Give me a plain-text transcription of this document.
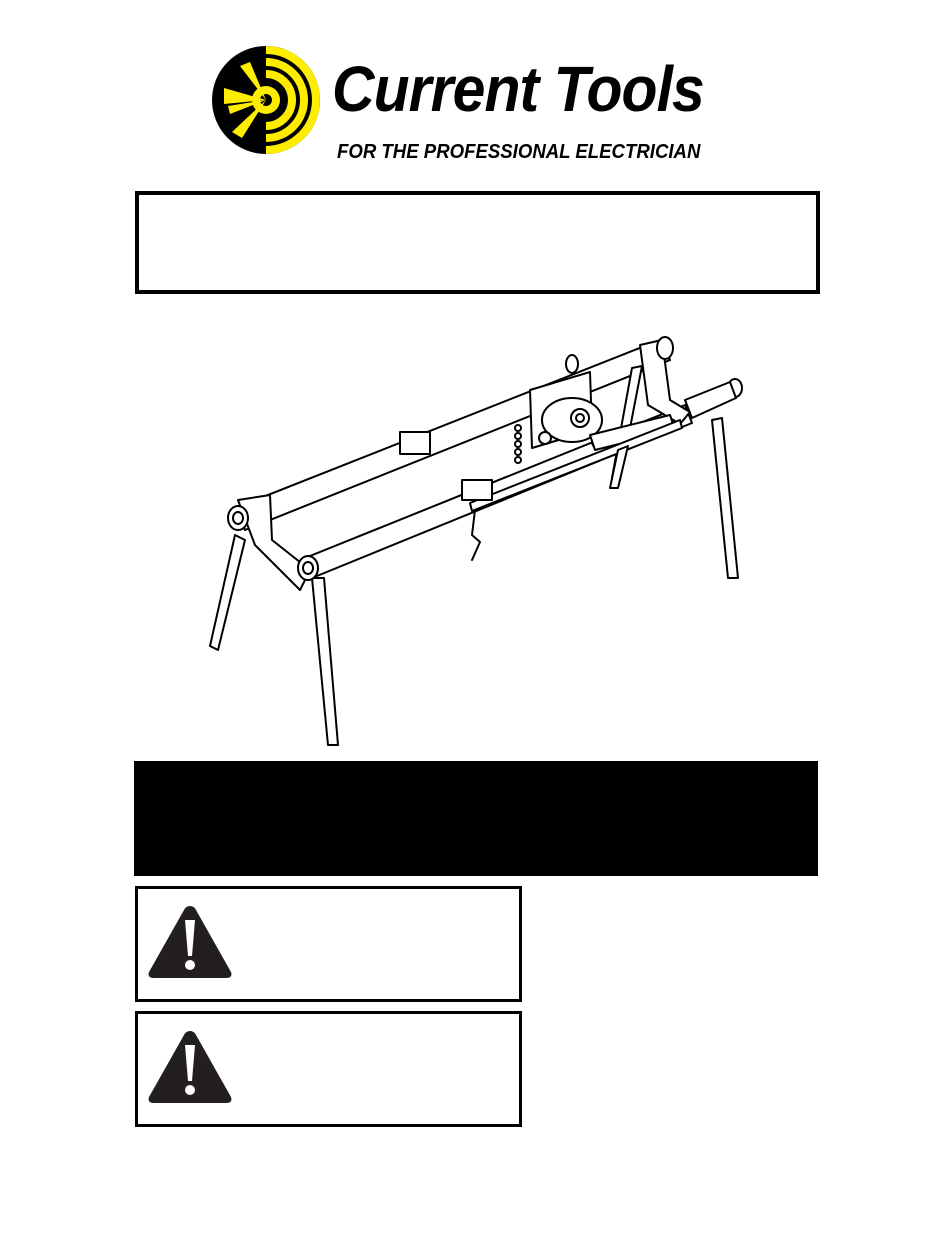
Current Tools
FOR THE PROFESSIONAL ELECTRICIAN
